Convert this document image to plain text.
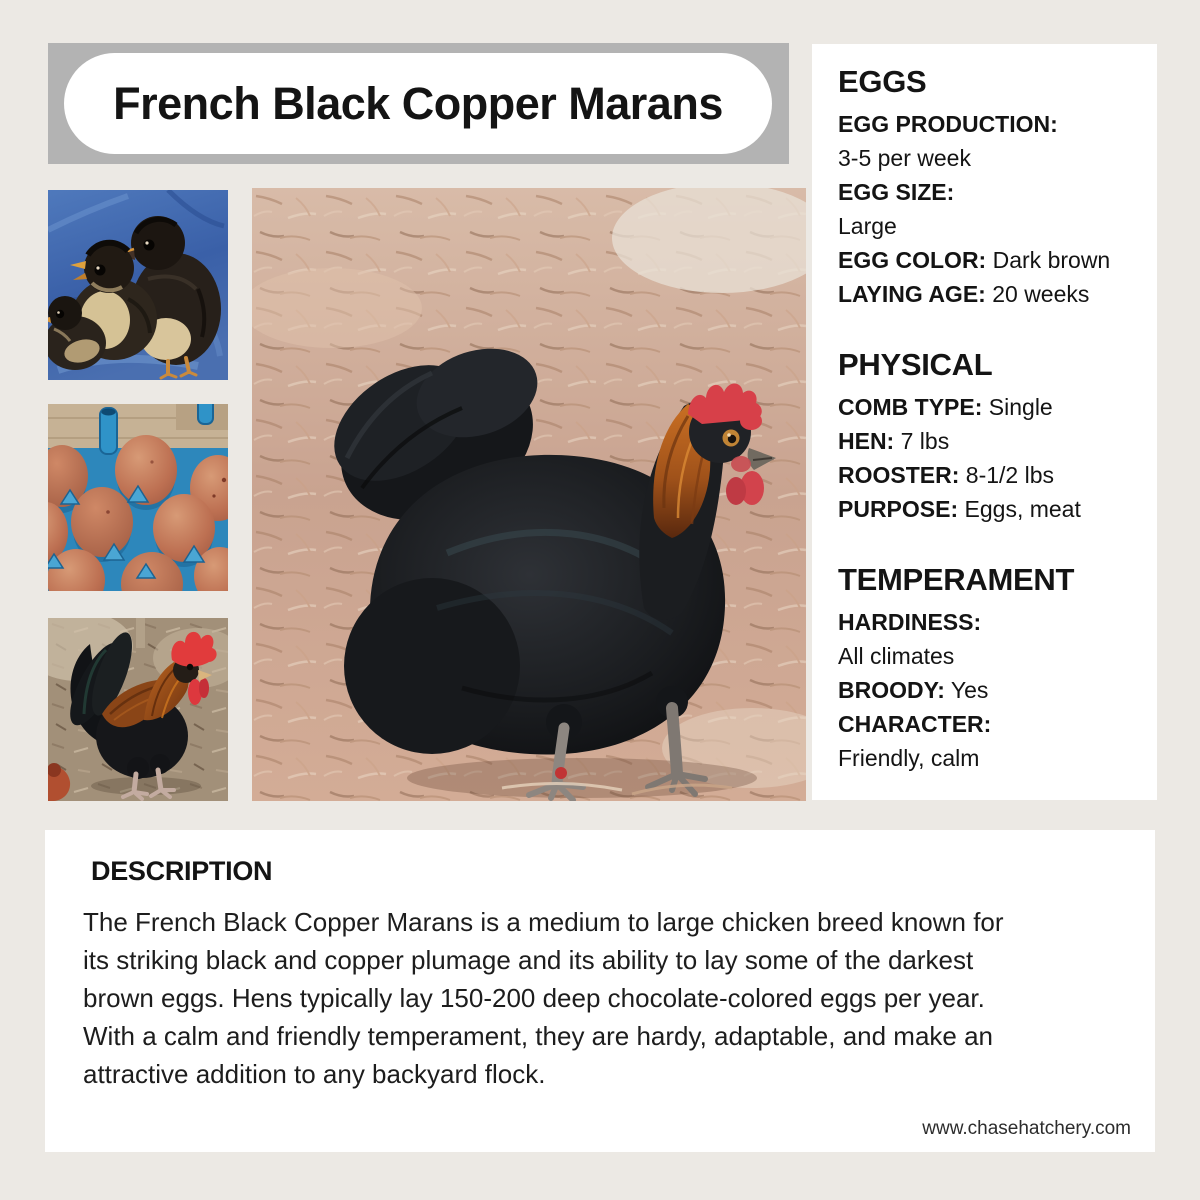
French Black Copper Marans	EGGS
EGG PRODUCTION:
3-5 per week
EGG SIZE:
Large
EGG COLOR: Dark brown
LAYING AGE: 20 weeks
PHYSICAL
COMB TYPE: Single
HEN: 7 lbs
ROOSTER: 8-1/2 lbs
PURPOSE: Eggs, meat
TEMPERAMENT
HARDINESS:
All climates
BROODY: Yes
CHARACTER:
Friendly, calm
DESCRIPTION
The French Black Copper Marans is a medium to large chicken breed known for
its striking black and copper plumage and its ability to lay some of the darkest
brown eggs. Hens typically lay 150-200 deep chocolate-colored eggs per year.
With a calm and friendly temperament, they are hardy, adaptable, and make an
attractive addition to any backyard flock.
www.chasehatchery.com
